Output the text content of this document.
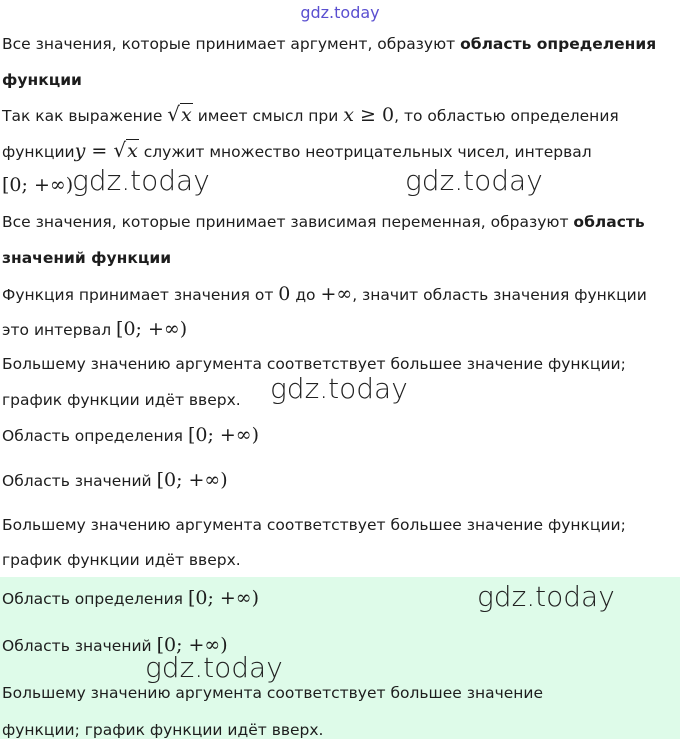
gdz.today
Все значения, которые принимает аргумент, образуют область определения
функции
Так как выражение √x имеет смысл при x ≥ 0, то областью определения
функцииy = √x служит множество неотрицательных чисел, интервал
[0; +∞)
gdz.today	gdz.today
Все значения, которые принимает зависимая переменная, образуют область
значений функции
Функция принимает значения от 0 до +∞, значит область значения функции
это интервал [0; +∞)
Большему значению аргумента соответствует большее значение функции;
график функции идёт вверх. gdz.today
Область определения [0; +∞)
Область значений [0; +∞)
Большему значению аргумента соответствует большее значение функции;
график функции идёт вверх.
Область определения [0; +∞)	gdz.today
Область значений [0; +∞)
gdz.today
Большему значению аргумента соответствует большее значение
функции; график функции идёт вверх.
